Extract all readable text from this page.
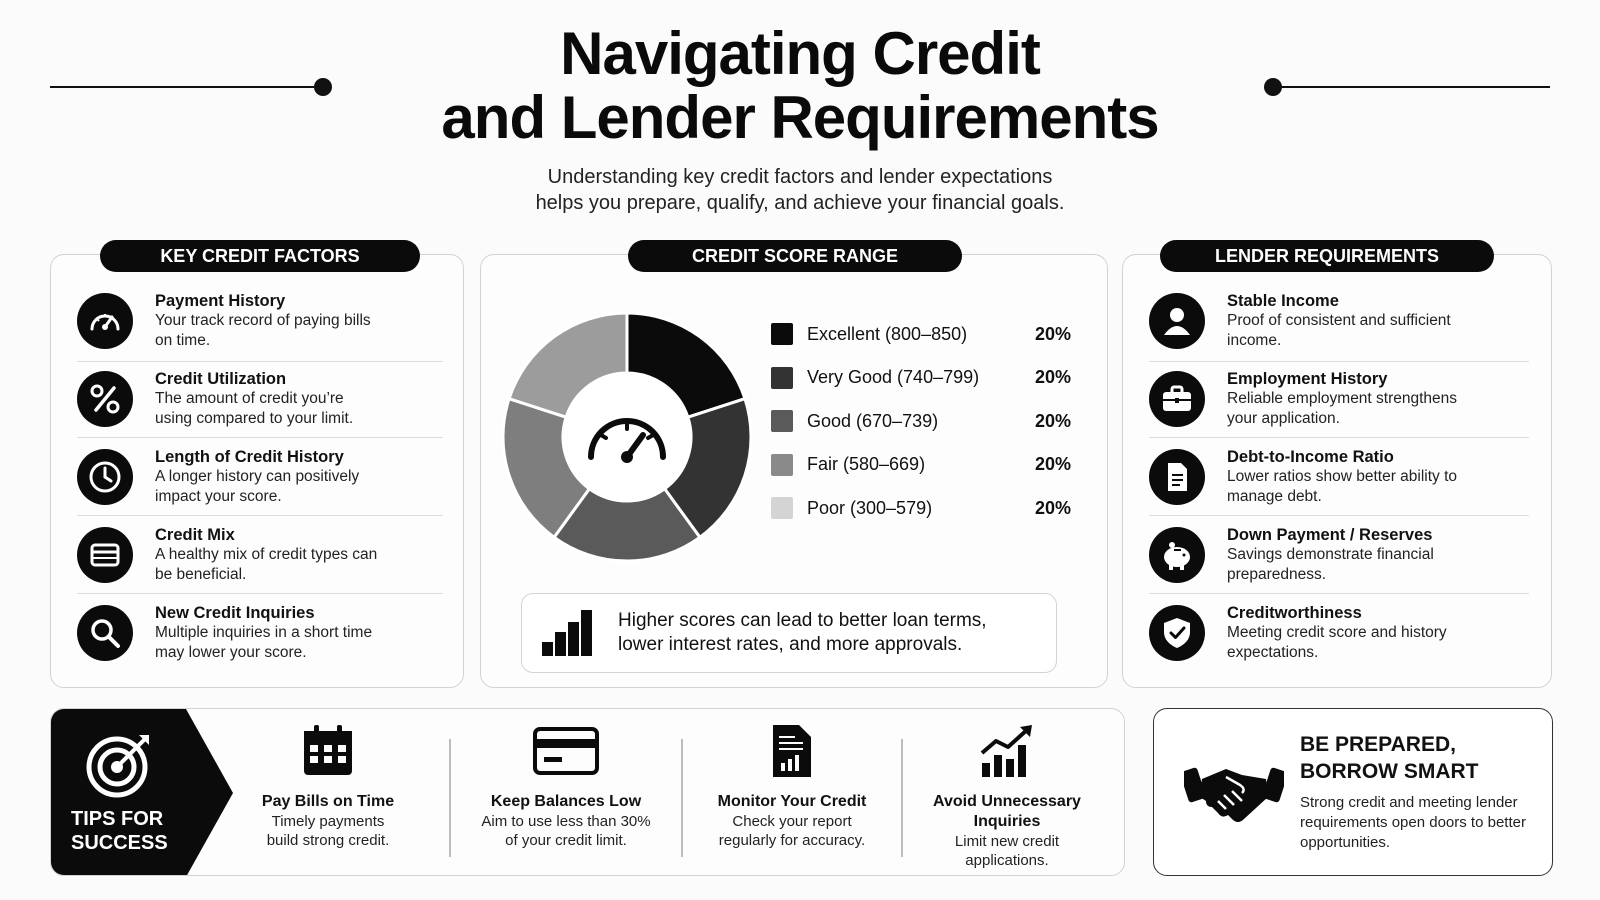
Navigating Credit
and Lender Requirements
Understanding key credit factors and lender expectations
helps you prepare, qualify, and achieve your financial goals.
KEY CREDIT FACTORS
Payment History
Your track record of paying bills on time.
Credit Utilization
The amount of credit you’re using compared to your limit.
Length of Credit History
A longer history can positively impact your score.
Credit Mix
A healthy mix of credit types can be beneficial.
New Credit Inquiries
Multiple inquiries in a short time may lower your score.
CREDIT SCORE RANGE
Excellent (800–850)	20%
Very Good (740–799)	20%
Good (670–739)	20%
Fair (580–669)	20%
Poor (300–579)	20%
Higher scores can lead to better loan terms, lower interest rates, and more approvals.
LENDER REQUIREMENTS
Stable Income
Proof of consistent and sufficient income.
Employment History
Reliable employment strengthens your application.
Debt-to-Income Ratio
Lower ratios show better ability to manage debt.
Down Payment / Reserves
Savings demonstrate financial preparedness.
Creditworthiness
Meeting credit score and history expectations.
TIPS FOR
SUCCESS
Pay Bills on Time
Timely payments build strong credit.
Keep Balances Low
Aim to use less than 30% of your credit limit.
Monitor Your Credit
Check your report regularly for accuracy.
Avoid Unnecessary Inquiries
Limit new credit applications.
BE PREPARED,
BORROW SMART
Strong credit and meeting lender requirements open doors to better opportunities.
